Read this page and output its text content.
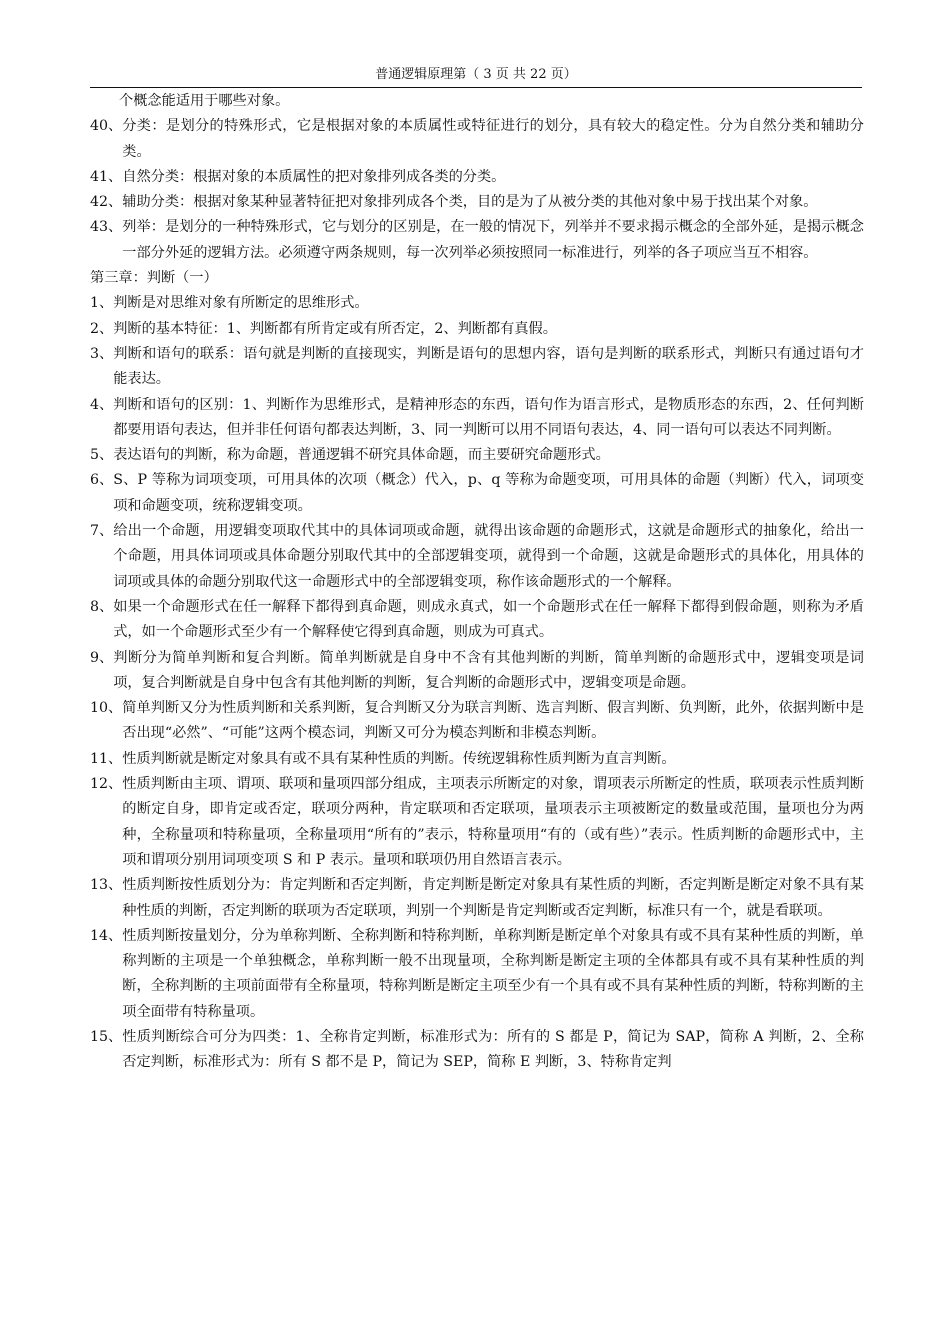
普通逻辑原理第（ 3 页 共 22 页）

个概念能适用于哪些对象。

40、 分类：是划分的特殊形式，它是根据对象的本质属性或特征进行的划分，具有较大的稳定性。分为自然分类和辅助分类。
41、 自然分类：根据对象的本质属性的把对象排列成各类的分类。
42、 辅助分类：根据对象某种显著特征把对象排列成各个类，目的是为了从被分类的其他对象中易于找出某个对象。
43、 列举：是划分的一种特殊形式，它与划分的区别是，在一般的情况下，列举并不要求揭示概念的全部外延，是揭示概念一部分外延的逻辑方法。必须遵守两条规则，每一次列举必须按照同一标准进行，列举的各子项应当互不相容。

第三章：判断（一）

1、 判断是对思维对象有所断定的思维形式。
2、 判断的基本特征：1、判断都有所肯定或有所否定，2、判断都有真假。
3、 判断和语句的联系：语句就是判断的直接现实，判断是语句的思想内容，语句是判断的联系形式，判断只有通过语句才能表达。
4、 判断和语句的区别：1、判断作为思维形式，是精神形态的东西，语句作为语言形式，是物质形态的东西，2、任何判断都要用语句表达，但并非任何语句都表达判断，3、同一判断可以用不同语句表达，4、同一语句可以表达不同判断。
5、 表达语句的判断，称为命题，普通逻辑不研究具体命题，而主要研究命题形式。
6、 S、P 等称为词项变项，可用具体的次项（概念）代入，p、q 等称为命题变项，可用具体的命题（判断）代入，词项变项和命题变项，统称逻辑变项。
7、 给出一个命题，用逻辑变项取代其中的具体词项或命题，就得出该命题的命题形式，这就是命题形式的抽象化，给出一个命题，用具体词项或具体命题分别取代其中的全部逻辑变项，就得到一个命题，这就是命题形式的具体化，用具体的词项或具体的命题分别取代这一命题形式中的全部逻辑变项，称作该命题形式的一个解释。
8、 如果一个命题形式在任一解释下都得到真命题，则成永真式，如一个命题形式在任一解释下都得到假命题，则称为矛盾式，如一个命题形式至少有一个解释使它得到真命题，则成为可真式。
9、 判断分为简单判断和复合判断。简单判断就是自身中不含有其他判断的判断，简单判断的命题形式中，逻辑变项是词项，复合判断就是自身中包含有其他判断的判断，复合判断的命题形式中，逻辑变项是命题。
10、 简单判断又分为性质判断和关系判断，复合判断又分为联言判断、选言判断、假言判断、负判断，此外，依据判断中是否出现“必然”、“可能”这两个模态词，判断又可分为模态判断和非模态判断。
11、 性质判断就是断定对象具有或不具有某种性质的判断。传统逻辑称性质判断为直言判断。
12、 性质判断由主项、谓项、联项和量项四部分组成，主项表示所断定的对象，谓项表示所断定的性质，联项表示性质判断的断定自身，即肯定或否定，联项分两种，肯定联项和否定联项，量项表示主项被断定的数量或范围，量项也分为两种，全称量项和特称量项，全称量项用“所有的”表示，特称量项用“有的（或有些）”表示。性质判断的命题形式中，主项和谓项分别用词项变项 S 和 P 表示。量项和联项仍用自然语言表示。
13、 性质判断按性质划分为：肯定判断和否定判断，肯定判断是断定对象具有某性质的判断，否定判断是断定对象不具有某种性质的判断，否定判断的联项为否定联项，判别一个判断是肯定判断或否定判断，标准只有一个，就是看联项。
14、 性质判断按量划分，分为单称判断、全称判断和特称判断，单称判断是断定单个对象具有或不具有某种性质的判断，单称判断的主项是一个单独概念，单称判断一般不出现量项，全称判断是断定主项的全体都具有或不具有某种性质的判断，全称判断的主项前面带有全称量项，特称判断是断定主项至少有一个具有或不具有某种性质的判断，特称判断的主项全面带有特称量项。
15、 性质判断综合可分为四类：1、全称肯定判断，标准形式为：所有的 S 都是 P，简记为 SAP，简称 A 判断，2、全称否定判断，标准形式为：所有 S 都不是 P，简记为 SEP，简称 E 判断，3、特称肯定判
